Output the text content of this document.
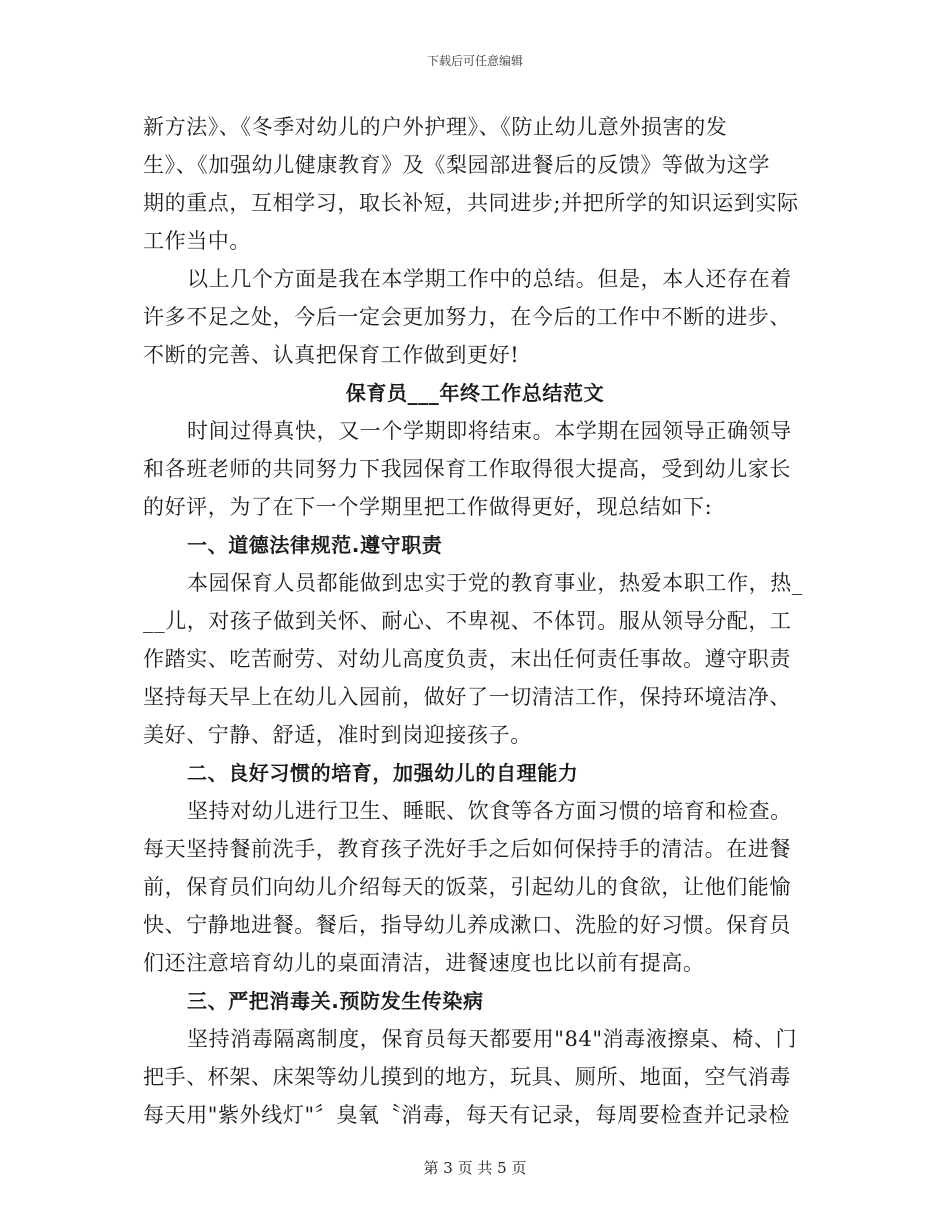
下载后可任意编辑
新方法》、《冬季对幼儿的户外护理》、《防止幼儿意外损害的发
生》、《加强幼儿健康教育》及《梨园部进餐后的反馈》等做为这学
期的重点，互相学习，取长补短，共同进步;并把所学的知识运到实际
工作当中。
以上几个方面是我在本学期工作中的总结。但是，本人还存在着
许多不足之处，今后一定会更加努力，在今后的工作中不断的进步、
不断的完善、认真把保育工作做到更好!
保育员___年终工作总结范文
时间过得真快，又一个学期即将结束。本学期在园领导正确领导
和各班老师的共同努力下我园保育工作取得很大提高，受到幼儿家长
的好评，为了在下一个学期里把工作做得更好，现总结如下:
一、道德法律规范.遵守职责
本园保育人员都能做到忠实于党的教育事业，热爱本职工作，热_
__儿，对孩子做到关怀、耐心、不卑视、不体罚。服从领导分配，工
作踏实、吃苦耐劳、对幼儿高度负责，末出任何责任事故。遵守职责
坚持每天早上在幼儿入园前，做好了一切清洁工作，保持环境洁净、
美好、宁静、舒适，准时到岗迎接孩子。
二、良好习惯的培育，加强幼儿的自理能力
坚持对幼儿进行卫生、睡眠、饮食等各方面习惯的培育和检查。
每天坚持餐前洗手，教育孩子洗好手之后如何保持手的清洁。在进餐
前，保育员们向幼儿介绍每天的饭菜，引起幼儿的食欲，让他们能愉
快、宁静地进餐。餐后，指导幼儿养成漱口、洗脸的好习惯。保育员
们还注意培育幼儿的桌面清洁，进餐速度也比以前有提高。
三、严把消毒关.预防发生传染病
坚持消毒隔离制度，保育员每天都要用"84"消毒液擦桌、椅、门
把手、杯架、床架等幼儿摸到的地方，玩具、厕所、地面，空气消毒
每天用"紫外线灯"〞臭氧〝消毒，每天有记录，每周要检查并记录检
第 3 页 共 5 页
